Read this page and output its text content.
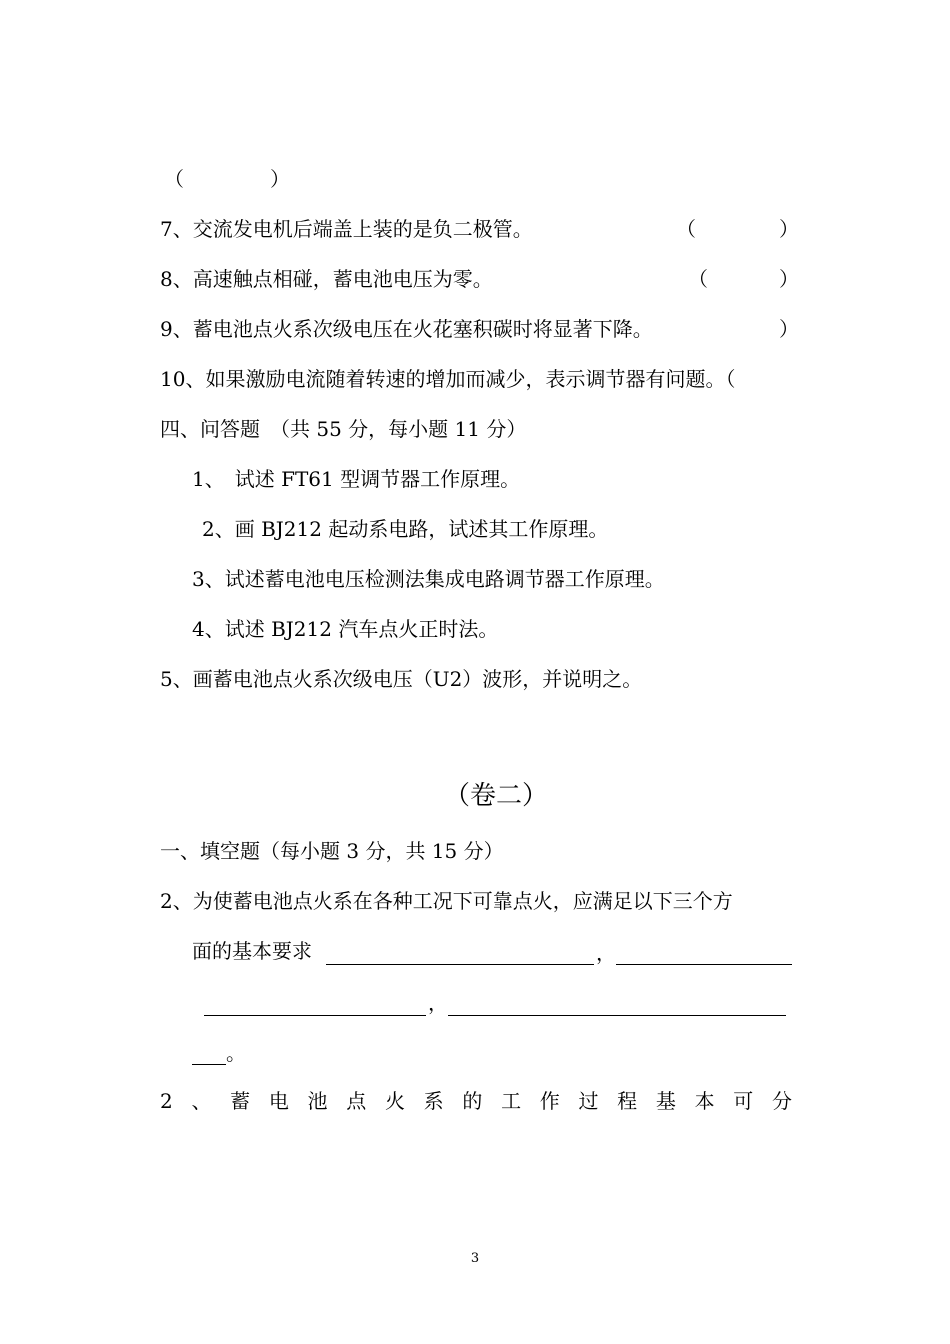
（	）
7、交流发电机后端盖上装的是负二极管。	（	）
8、高速触点相碰，蓄电池电压为零。	（	）
9、蓄电池点火系次级电压在火花塞积碳时将显著下降。	）
10、如果激励电流随着转速的增加而减少，表示调节器有问题。（
四、问答题　（共 55 分，每小题 11 分）
1、　试述 FT61 型调节器工作原理。
2、画 BJ212 起动系电路，试述其工作原理。
3、试述蓄电池电压检测法集成电路调节器工作原理。
4、试述 BJ212 汽车点火正时法。
5、画蓄电池点火系次级电压（U2）波形，并说明之。
（卷二）
一、填空题（每小题 3 分，共 15 分）
2、为使蓄电池点火系在各种工况下可靠点火，应满足以下三个方
面的基本要求	，
，
。
2 、 蓄 电 池 点 火 系 的 工 作 过 程 基 本 可 分
3
